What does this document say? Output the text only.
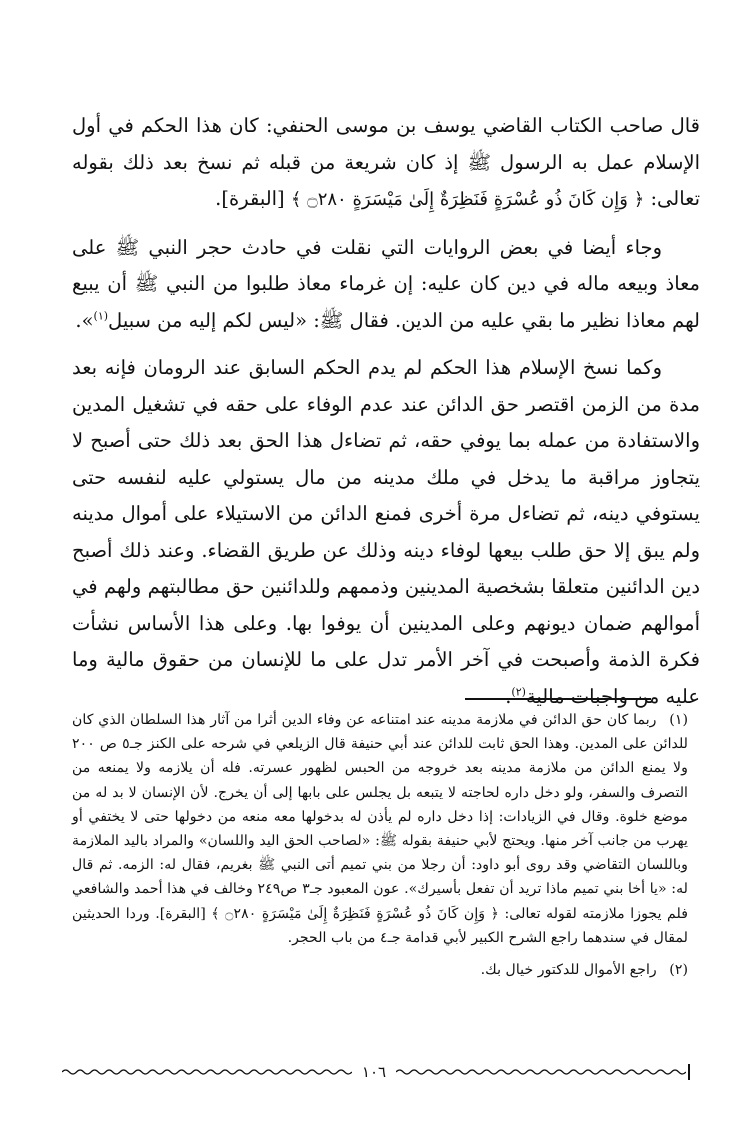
قال صاحب الكتاب القاضي يوسف بن موسى الحنفي: كان هذا الحكم في أول الإسلام عمل به الرسول ﷺ إذ كان شريعة من قبله ثم نسخ بعد ذلك بقوله تعالى: ﴿ وَإِن كَانَ ذُو عُسْرَةٍ فَنَظِرَةٌ إِلَىٰ مَيْسَرَةٍ ۝٢٨٠ ﴾ [البقرة].

وجاء أيضا في بعض الروايات التي نقلت في حادث حجر النبي ﷺ على معاذ وبيعه ماله في دين كان عليه: إن غرماء معاذ طلبوا من النبي ﷺ أن يبيع لهم معاذا نظير ما بقي عليه من الدين. فقال ﷺ: «ليس لكم إليه من سبيل$^{(١)}$».

وكما نسخ الإسلام هذا الحكم لم يدم الحكم السابق عند الرومان فإنه بعد مدة من الزمن اقتصر حق الدائن عند عدم الوفاء على حقه في تشغيل المدين والاستفادة من عمله بما يوفي حقه، ثم تضاءل هذا الحق بعد ذلك حتى أصبح لا يتجاوز مراقبة ما يدخل في ملك مدينه من مال يستولي عليه لنفسه حتى يستوفي دينه، ثم تضاءل مرة أخرى فمنع الدائن من الاستيلاء على أموال مدينه ولم يبق إلا حق طلب بيعها لوفاء دينه وذلك عن طريق القضاء. وعند ذلك أصبح دين الدائنين متعلقا بشخصية المدينين وذممهم وللدائنين حق مطالبتهم ولهم في أموالهم ضمان ديونهم وعلى المدينين أن يوفوا بها. وعلى هذا الأساس نشأت فكرة الذمة وأصبحت في آخر الأمر تدل على ما للإنسان من حقوق مالية وما عليه من واجبات مالية$^{(٢)}$.

(١) ربما كان حق الدائن في ملازمة مدينه عند امتناعه عن وفاء الدين أثرا من آثار هذا السلطان الذي كان للدائن على المدين. وهذا الحق ثابت للدائن عند أبي حنيفة قال الزيلعي في شرحه على الكنز جـ٥ ص ٢٠٠ ولا يمنع الدائن من ملازمة مدينه بعد خروجه من الحبس لظهور عسرته. فله أن يلازمه ولا يمنعه من التصرف والسفر، ولو دخل داره لحاجته لا يتبعه بل يجلس على بابها إلى أن يخرج. لأن الإنسان لا بد له من موضع خلوة. وقال في الزيادات: إذا دخل داره لم يأذن له بدخولها معه منعه من دخولها حتى لا يختفي أو يهرب من جانب آخر منها. ويحتج لأبي حنيفة بقوله ﷺ: «لصاحب الحق اليد واللسان» والمراد باليد الملازمة وباللسان التقاضي وقد روى أبو داود: أن رجلا من بني تميم أتى النبي ﷺ بغريم، فقال له: الزمه. ثم قال له: «يا أخا بني تميم ماذا تريد أن تفعل بأسيرك». عون المعبود جـ٣ ص٢٤٩ وخالف في هذا أحمد والشافعي فلم يجوزا ملازمته لقوله تعالى: ﴿ وَإِن كَانَ ذُو عُسْرَةٍ فَنَظِرَةٌ إِلَىٰ مَيْسَرَةٍ ۝٢٨٠ ﴾ [البقرة]. وردا الحديثين لمقال في سندهما راجع الشرح الكبير لأبي قدامة جـ٤ من باب الحجر.
(٢) راجع الأموال للدكتور خيال بك.
١٠٦
